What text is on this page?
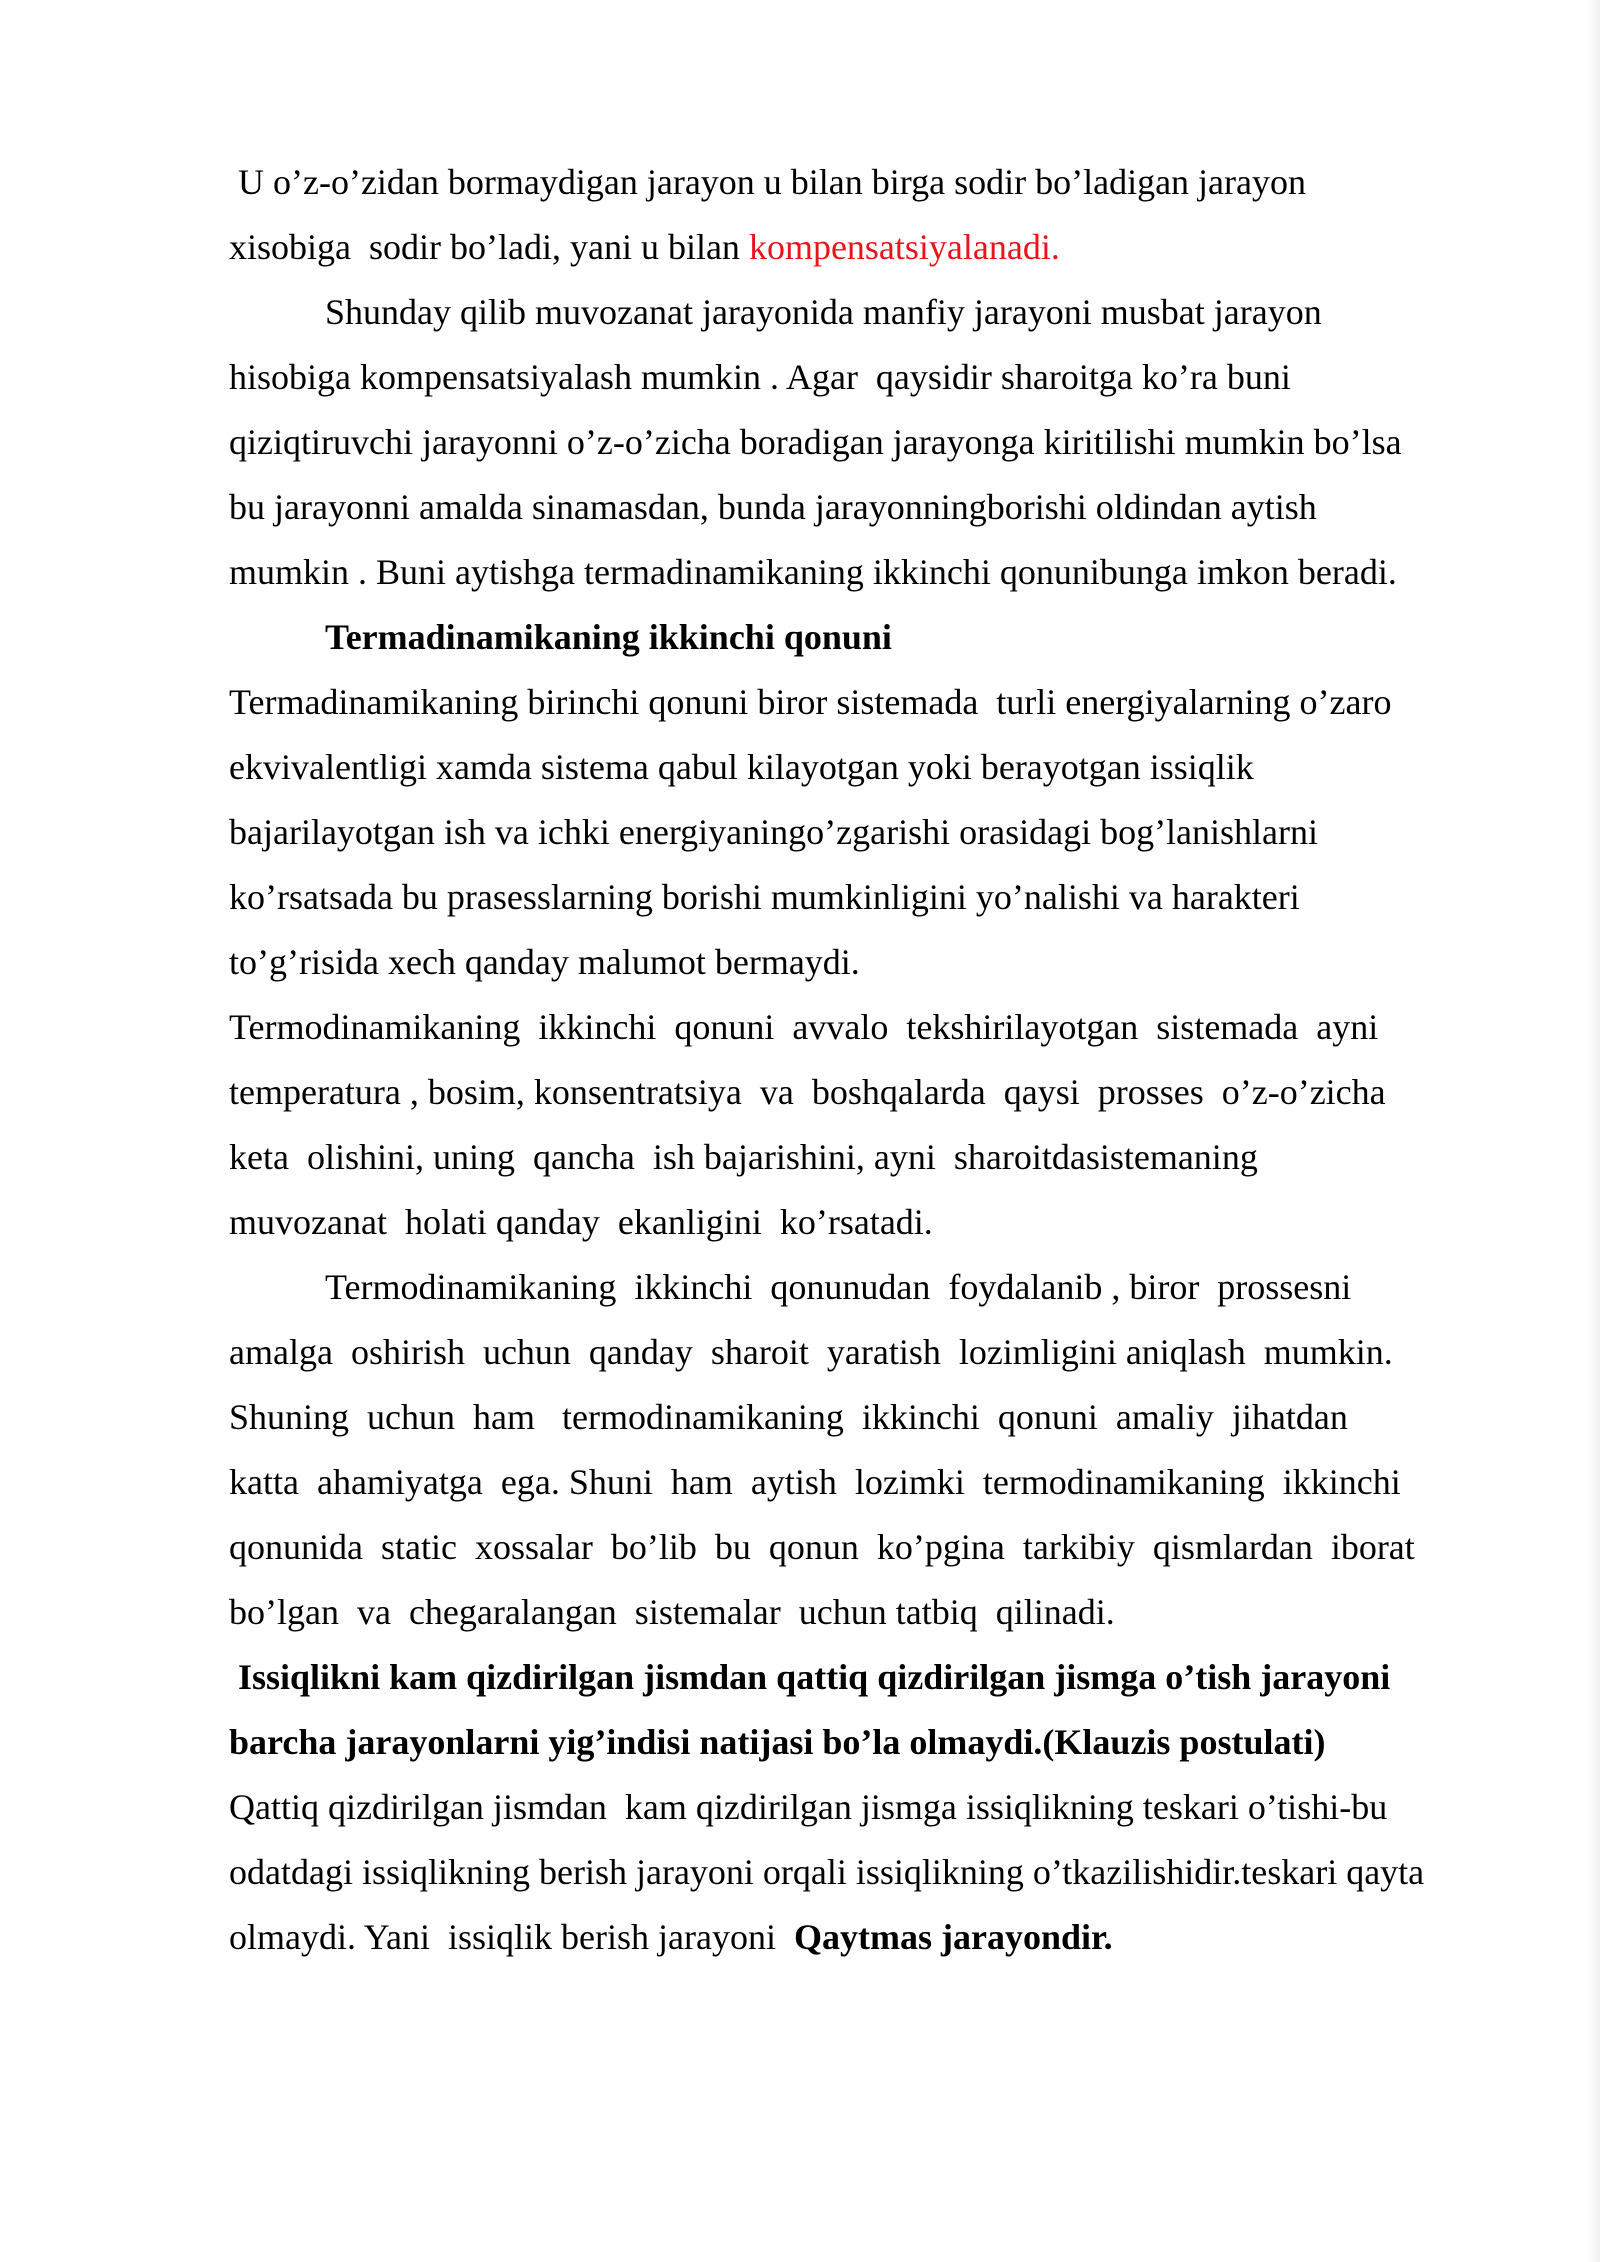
U o’z-o’zidan bormaydigan jarayon u bilan birga sodir bo’ladigan jarayon
xisobiga  sodir bo’ladi, yani u bilan kompensatsiyalanadi.
Shunday qilib muvozanat jarayonida manfiy jarayoni musbat jarayon
hisobiga kompensatsiyalash mumkin . Agar  qaysidir sharoitga ko’ra buni
qiziqtiruvchi jarayonni o’z-o’zicha boradigan jarayonga kiritilishi mumkin bo’lsa
bu jarayonni amalda sinamasdan, bunda jarayonningborishi oldindan aytish
mumkin . Buni aytishga termadinamikaning ikkinchi qonunibunga imkon beradi.
Termadinamikaning ikkinchi qonuni
Termadinamikaning birinchi qonuni biror sistemada  turli energiyalarning o’zaro
ekvivalentligi xamda sistema qabul kilayotgan yoki berayotgan issiqlik
bajarilayotgan ish va ichki energiyaningo’zgarishi orasidagi bog’lanishlarni
ko’rsatsada bu prasesslarning borishi mumkinligini yo’nalishi va harakteri
to’g’risida xech qanday malumot bermaydi.
Termodinamikaning  ikkinchi  qonuni  avvalo  tekshirilayotgan  sistemada  ayni
temperatura , bosim, konsentratsiya  va  boshqalarda  qaysi  prosses  o’z-o’zicha
keta  olishini, uning  qancha  ish bajarishini, ayni  sharoitdasistemaning
muvozanat  holati qanday  ekanligini  ko’rsatadi.
Termodinamikaning  ikkinchi  qonunudan  foydalanib , biror  prossesni
amalga  oshirish  uchun  qanday  sharoit  yaratish  lozimligini aniqlash  mumkin.
Shuning  uchun  ham   termodinamikaning  ikkinchi  qonuni  amaliy  jihatdan
katta  ahamiyatga  ega. Shuni  ham  aytish  lozimki  termodinamikaning  ikkinchi
qonunida  static  xossalar  bo’lib  bu  qonun  ko’pgina  tarkibiy  qismlardan  iborat
bo’lgan  va  chegaralangan  sistemalar  uchun tatbiq  qilinadi.
Issiqlikni kam qizdirilgan jismdan qattiq qizdirilgan jismga o’tish jarayoni
barcha jarayonlarni yig’indisi natijasi bo’la olmaydi.(Klauzis postulati)
Qattiq qizdirilgan jismdan  kam qizdirilgan jismga issiqlikning teskari o’tishi-bu
odatdagi issiqlikning berish jarayoni orqali issiqlikning o’tkazilishidir.teskari qayta
olmaydi. Yani  issiqlik berish jarayoni  Qaytmas jarayondir.
